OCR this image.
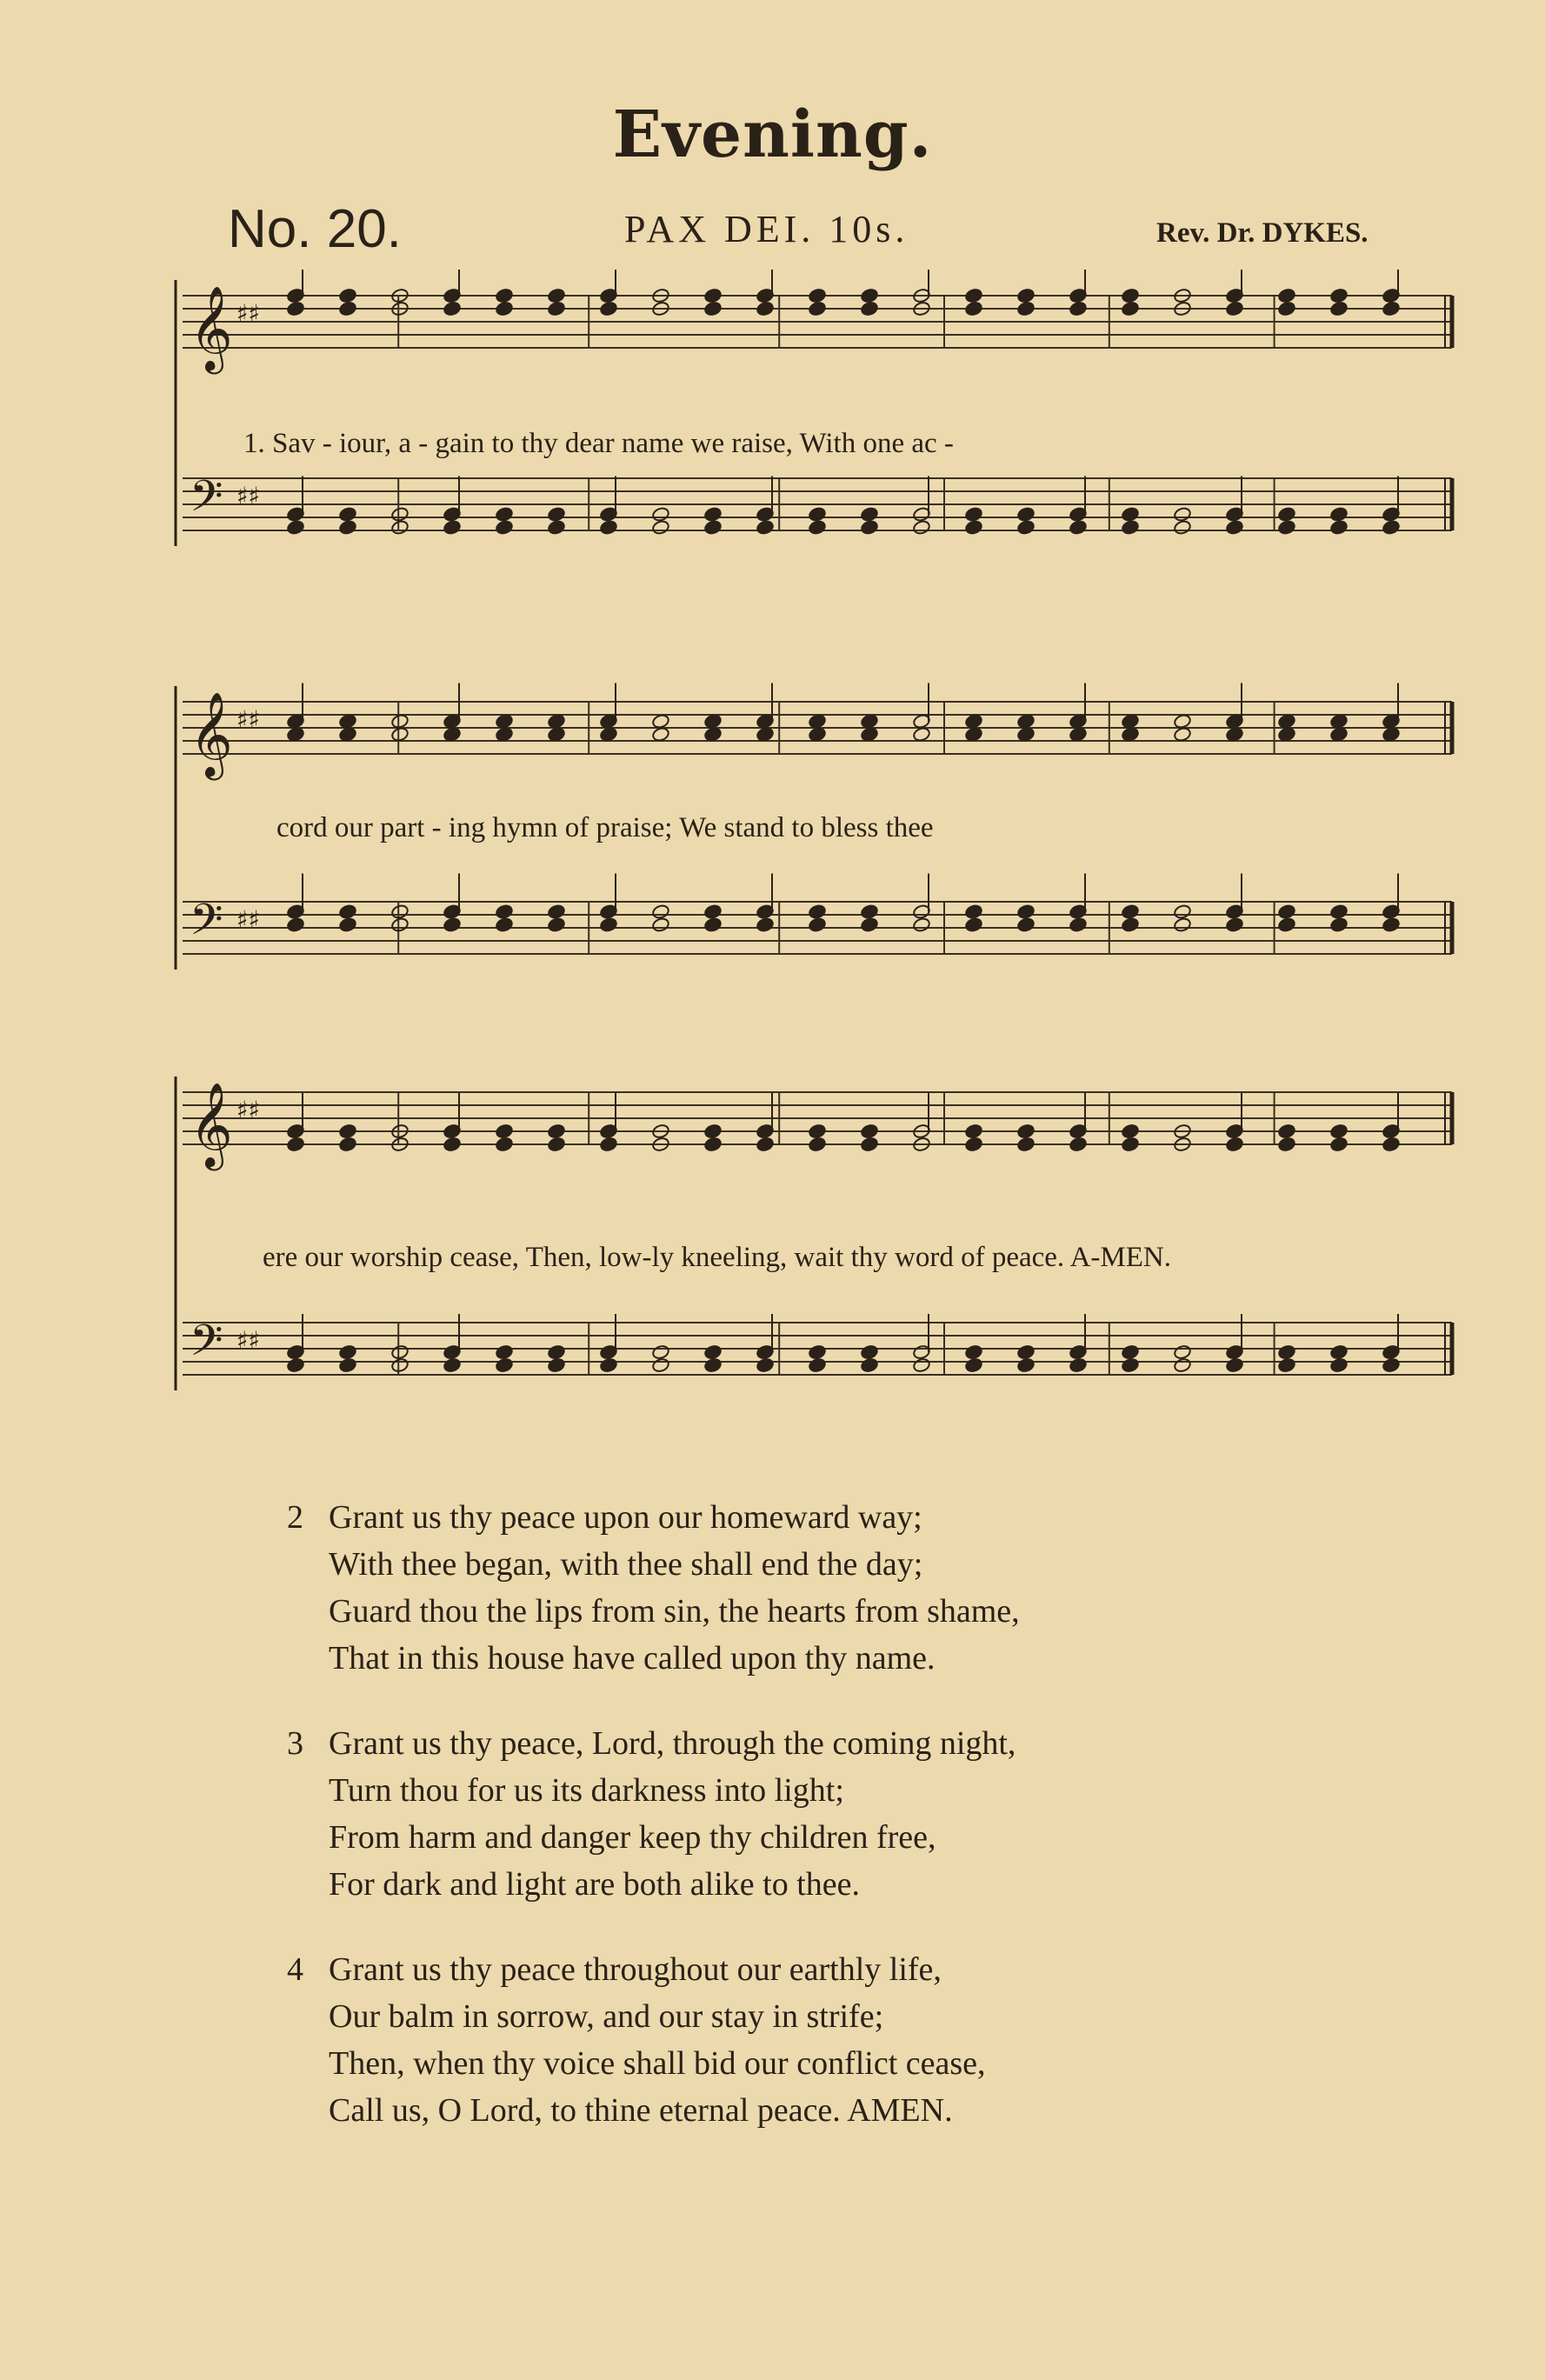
Evening.
No. 20.	PAX DEI. 10s.	Rev. Dr. DYKES.
𝄞 ♯♯
𝄢 ♯♯
1. Sav - iour, a - gain to thy dear name we raise, With one ac -
𝄞 ♯♯
𝄢 ♯♯
cord our part - ing hymn of praise; We stand to bless thee
𝄞 ♯♯
𝄢 ♯♯
ere our worship cease, Then, low-ly kneeling, wait thy word of peace. A-MEN.
2 Grant us thy peace upon our homeward way;
With thee began, with thee shall end the day;
Guard thou the lips from sin, the hearts from shame,
That in this house have called upon thy name.
3 Grant us thy peace, Lord, through the coming night,
Turn thou for us its darkness into light;
From harm and danger keep thy children free,
For dark and light are both alike to thee.
4 Grant us thy peace throughout our earthly life,
Our balm in sorrow, and our stay in strife;
Then, when thy voice shall bid our conflict cease,
Call us, O Lord, to thine eternal peace. AMEN.
